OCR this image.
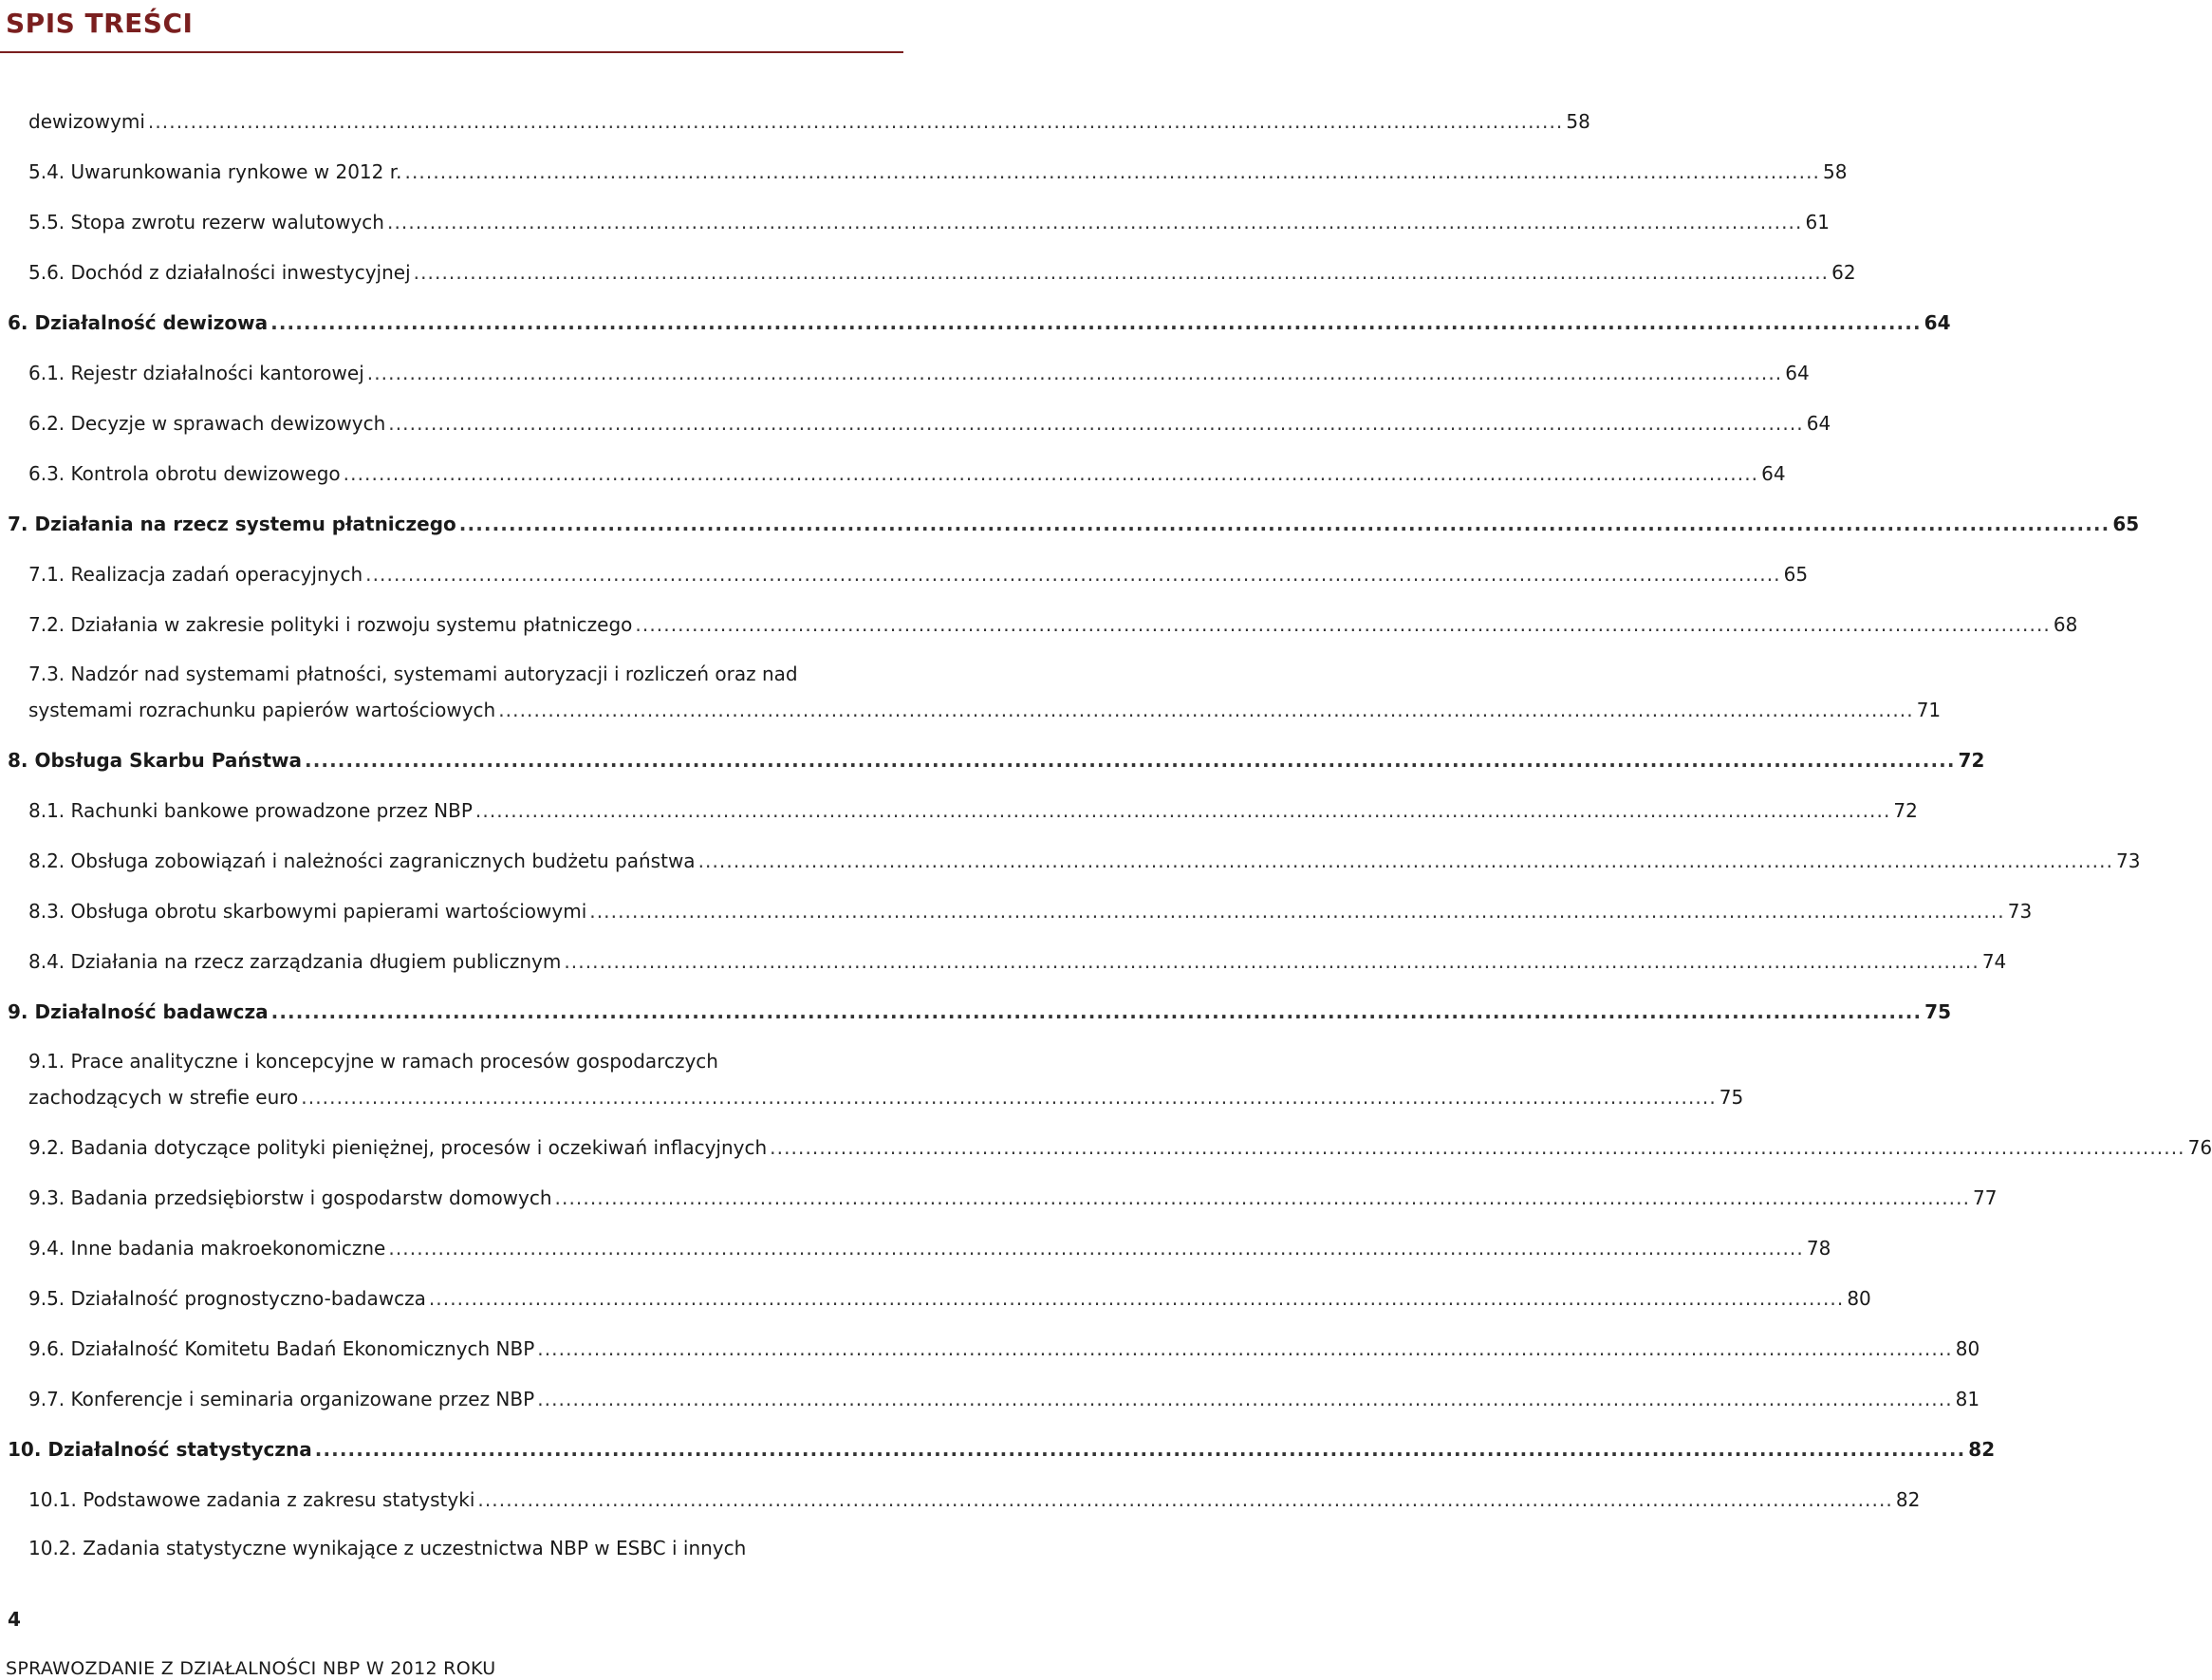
SPIS TREŚCI
dewizowymi ........................................................................................................................................................................................................ 58
5.4. Uwarunkowania rynkowe w 2012 r. ........................................................................................................................................................................................................ 58
5.5. Stopa zwrotu rezerw walutowych ........................................................................................................................................................................................................ 61
5.6. Dochód z działalności inwestycyjnej ........................................................................................................................................................................................................ 62
6. Działalność dewizowa ........................................................................................................................................................................................................ 64
6.1. Rejestr działalności kantorowej ........................................................................................................................................................................................................ 64
6.2. Decyzje w sprawach dewizowych ........................................................................................................................................................................................................ 64
6.3. Kontrola obrotu dewizowego ........................................................................................................................................................................................................ 64
7. Działania na rzecz systemu płatniczego ........................................................................................................................................................................................................ 65
7.1. Realizacja zadań operacyjnych ........................................................................................................................................................................................................ 65
7.2. Działania w zakresie polityki i rozwoju systemu płatniczego ........................................................................................................................................................................................................ 68
7.3. Nadzór nad systemami płatności, systemami autoryzacji i rozliczeń oraz nad
systemami rozrachunku papierów wartościowych ........................................................................................................................................................................................................ 71
8. Obsługa Skarbu Państwa ........................................................................................................................................................................................................ 72
8.1. Rachunki bankowe prowadzone przez NBP ........................................................................................................................................................................................................ 72
8.2. Obsługa zobowiązań i należności zagranicznych budżetu państwa ........................................................................................................................................................................................................ 73
8.3. Obsługa obrotu skarbowymi papierami wartościowymi ........................................................................................................................................................................................................ 73
8.4. Działania na rzecz zarządzania długiem publicznym ........................................................................................................................................................................................................ 74
9. Działalność badawcza ........................................................................................................................................................................................................ 75
9.1. Prace analityczne i koncepcyjne w ramach procesów gospodarczych
zachodzących w strefie euro ........................................................................................................................................................................................................ 75
9.2. Badania dotyczące polityki pieniężnej, procesów i oczekiwań inflacyjnych ........................................................................................................................................................................................................ 76
9.3. Badania przedsiębiorstw i gospodarstw domowych ........................................................................................................................................................................................................ 77
9.4. Inne badania makroekonomiczne ........................................................................................................................................................................................................ 78
9.5. Działalność prognostyczno-badawcza ........................................................................................................................................................................................................ 80
9.6. Działalność Komitetu Badań Ekonomicznych NBP ........................................................................................................................................................................................................ 80
9.7. Konferencje i seminaria organizowane przez NBP ........................................................................................................................................................................................................ 81
10. Działalność statystyczna ........................................................................................................................................................................................................ 82
10.1. Podstawowe zadania z zakresu statystyki ........................................................................................................................................................................................................ 82
10.2. Zadania statystyczne wynikające z uczestnictwa NBP w ESBC i innych
4
SPRAWOZDANIE Z DZIAŁALNOŚCI NBP W 2012 ROKU
